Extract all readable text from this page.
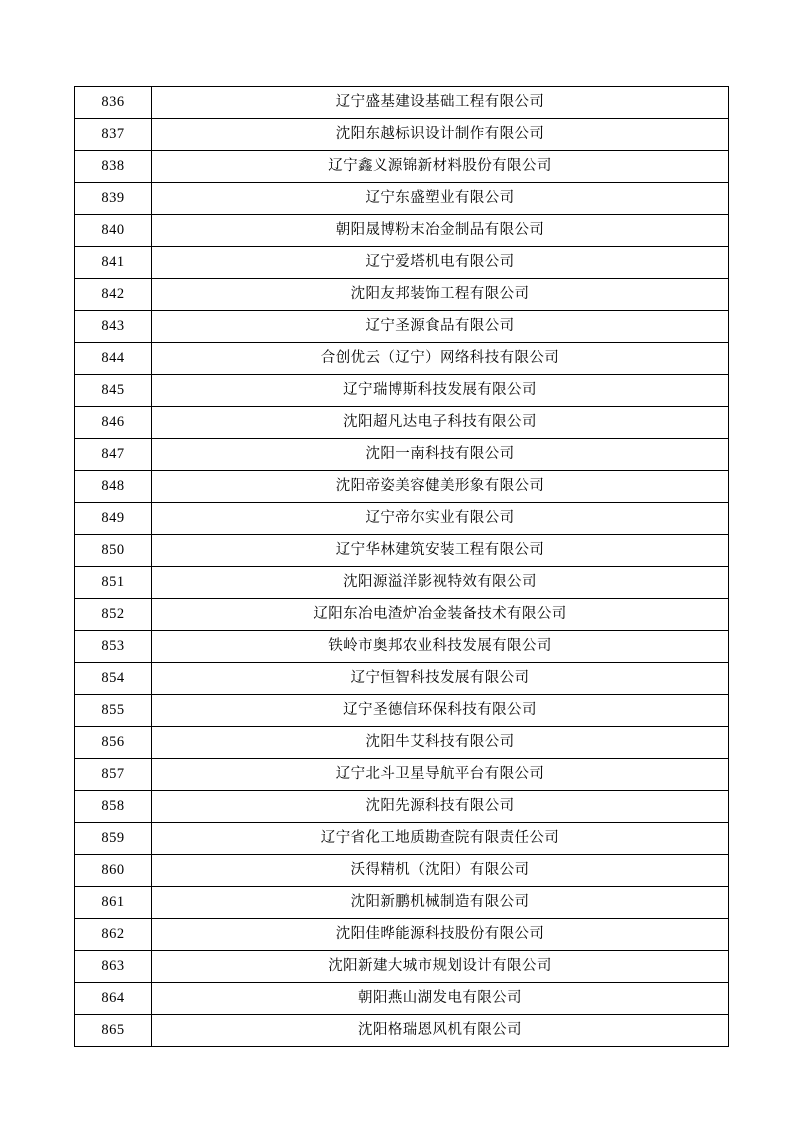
836	辽宁盛基建设基础工程有限公司
837	沈阳东越标识设计制作有限公司
838	辽宁鑫义源锦新材料股份有限公司
839	辽宁东盛塑业有限公司
840	朝阳晟博粉末冶金制品有限公司
841	辽宁爱塔机电有限公司
842	沈阳友邦装饰工程有限公司
843	辽宁圣源食品有限公司
844	合创优云（辽宁）网络科技有限公司
845	辽宁瑞博斯科技发展有限公司
846	沈阳超凡达电子科技有限公司
847	沈阳一南科技有限公司
848	沈阳帝姿美容健美形象有限公司
849	辽宁帝尔实业有限公司
850	辽宁华林建筑安装工程有限公司
851	沈阳源溢洋影视特效有限公司
852	辽阳东冶电渣炉冶金装备技术有限公司
853	铁岭市奥邦农业科技发展有限公司
854	辽宁恒智科技发展有限公司
855	辽宁圣德信环保科技有限公司
856	沈阳牛艾科技有限公司
857	辽宁北斗卫星导航平台有限公司
858	沈阳先源科技有限公司
859	辽宁省化工地质勘查院有限责任公司
860	沃得精机（沈阳）有限公司
861	沈阳新鹏机械制造有限公司
862	沈阳佳晔能源科技股份有限公司
863	沈阳新建大城市规划设计有限公司
864	朝阳燕山湖发电有限公司
865	沈阳格瑞恩风机有限公司
